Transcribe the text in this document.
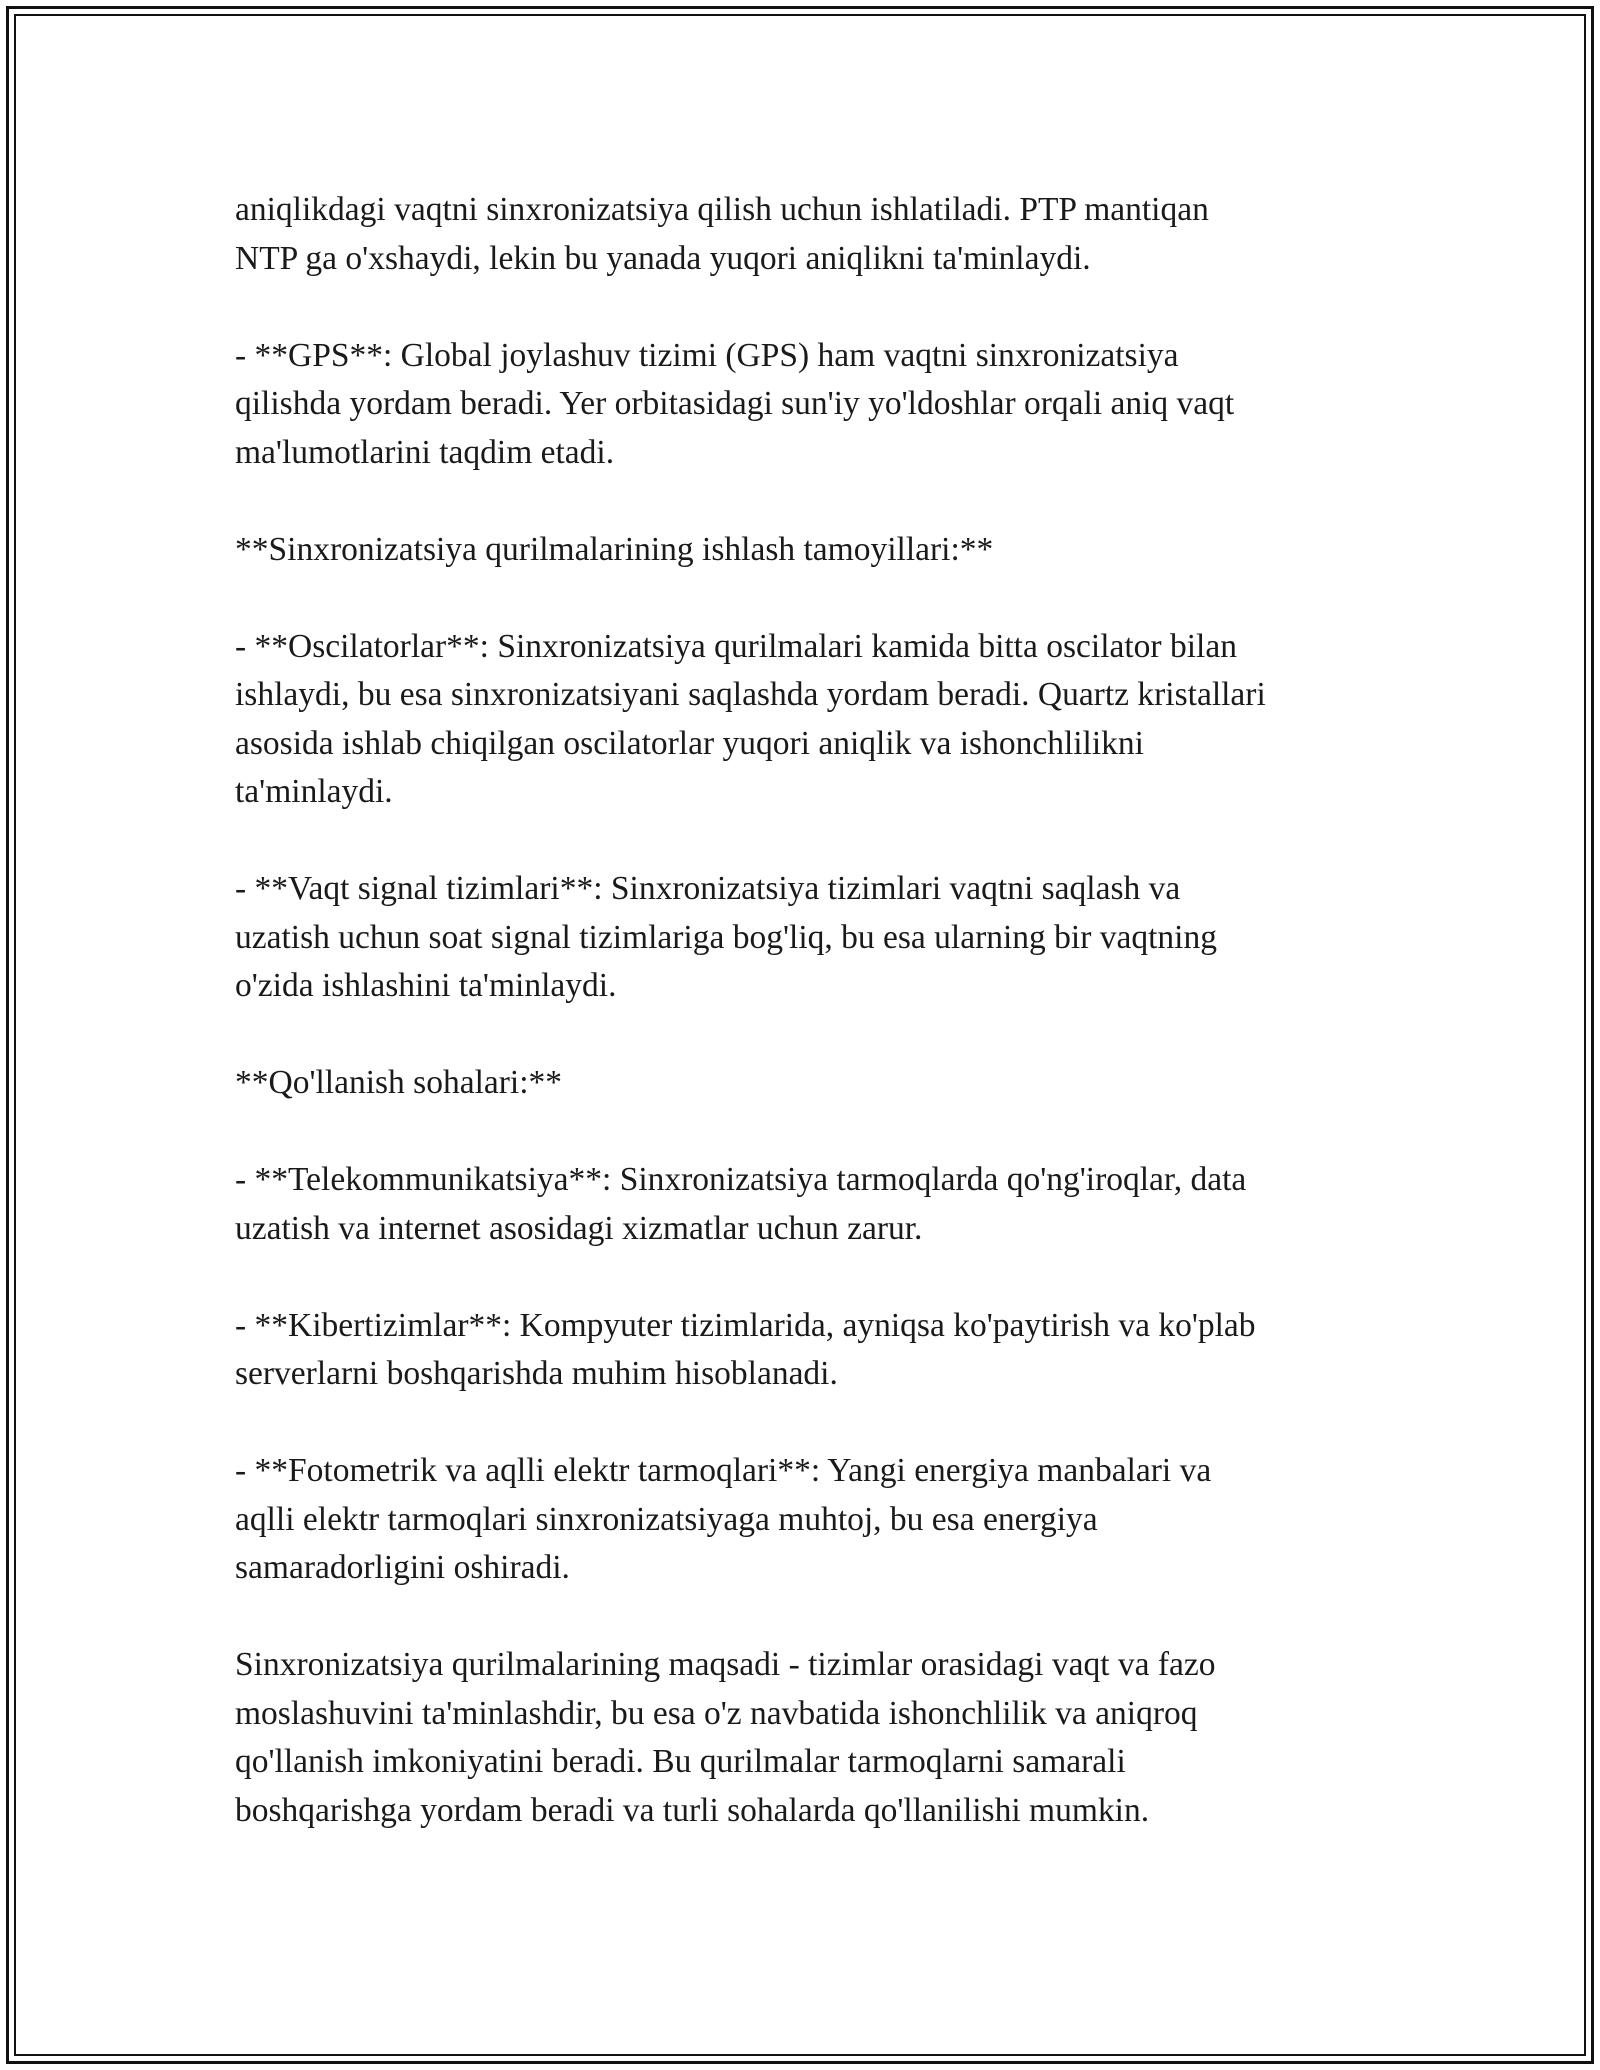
aniqlikdagi vaqtni sinxronizatsiya qilish uchun ishlatiladi. PTP mantiqan
NTP ga o'xshaydi, lekin bu yanada yuqori aniqlikni ta'minlaydi.

- **GPS**: Global joylashuv tizimi (GPS) ham vaqtni sinxronizatsiya
qilishda yordam beradi. Yer orbitasidagi sun'iy yo'ldoshlar orqali aniq vaqt
ma'lumotlarini taqdim etadi.

**Sinxronizatsiya qurilmalarining ishlash tamoyillari:**

- **Oscilatorlar**: Sinxronizatsiya qurilmalari kamida bitta oscilator bilan
ishlaydi, bu esa sinxronizatsiyani saqlashda yordam beradi. Quartz kristallari
asosida ishlab chiqilgan oscilatorlar yuqori aniqlik va ishonchlilikni
ta'minlaydi.

- **Vaqt signal tizimlari**: Sinxronizatsiya tizimlari vaqtni saqlash va
uzatish uchun soat signal tizimlariga bog'liq, bu esa ularning bir vaqtning
o'zida ishlashini ta'minlaydi.

**Qo'llanish sohalari:**

- **Telekommunikatsiya**: Sinxronizatsiya tarmoqlarda qo'ng'iroqlar, data
uzatish va internet asosidagi xizmatlar uchun zarur.

- **Kibertizimlar**: Kompyuter tizimlarida, ayniqsa ko'paytirish va ko'plab
serverlarni boshqarishda muhim hisoblanadi.

- **Fotometrik va aqlli elektr tarmoqlari**: Yangi energiya manbalari va
aqlli elektr tarmoqlari sinxronizatsiyaga muhtoj, bu esa energiya
samaradorligini oshiradi.

Sinxronizatsiya qurilmalarining maqsadi - tizimlar orasidagi vaqt va fazo
moslashuvini ta'minlashdir, bu esa o'z navbatida ishonchlilik va aniqroq
qo'llanish imkoniyatini beradi. Bu qurilmalar tarmoqlarni samarali
boshqarishga yordam beradi va turli sohalarda qo'llanilishi mumkin.
